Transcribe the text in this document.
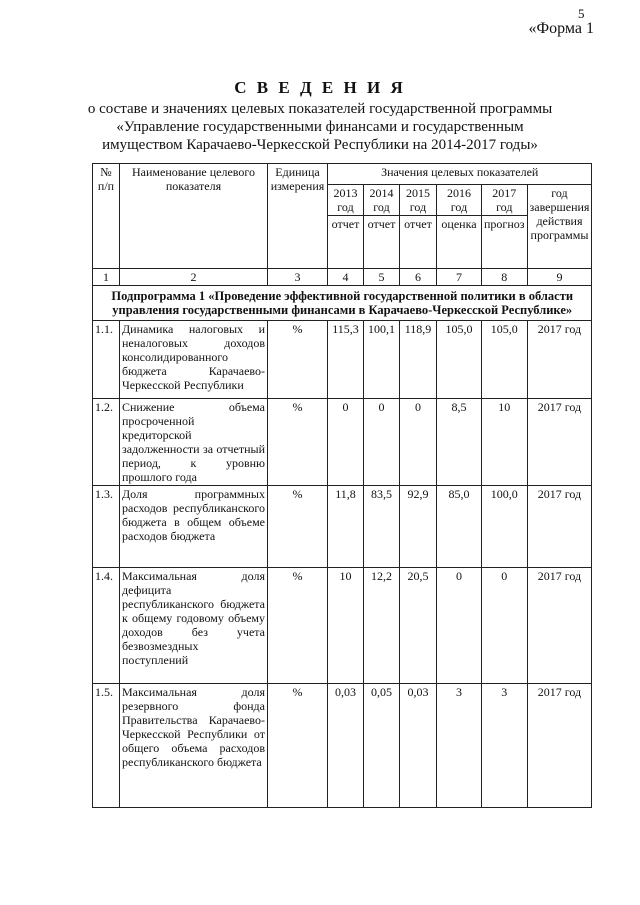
5
«Форма 1
С В Е Д Е Н И Я
о составе и значениях целевых показателей государственной программы
«Управление государственными финансами и государственным
имуществом Карачаево-Черкесской Республики на 2014-2017 годы»
№ п/п	Наименование целевого показателя	Единица измерения	Значения целевых показателей					
			2013 год	2014 год	2015 год	2016 год	2017 год	год завершения действия программы
			отчет	отчет	отчет	оценка	прогноз	
1	2	3	4	5	6	7	8	9
Подпрограмма 1 «Проведение эффективной государственной политики в области управления государственными финансами в Карачаево-Черкесской Республике»								
1.1.	Динамика налоговых и неналоговых доходов консолидированного бюджета Карачаево-Черкесской Республики	%	115,3	100,1	118,9	105,0	105,0	2017 год
1.2.	Снижение объема просроченной кредиторской задолженности за отчетный период, к уровню прошлого года	%	0	0	0	8,5	10	2017 год
1.3.	Доля программных расходов республиканского бюджета в общем объеме расходов бюджета	%	11,8	83,5	92,9	85,0	100,0	2017 год
1.4.	Максимальная доля дефицита республиканского бюджета к общему годовому объему доходов без учета безвозмездных поступлений	%	10	12,2	20,5	0	0	2017 год
1.5.	Максимальная доля резервного фонда Правительства Карачаево-Черкесской Республики от общего объема расходов республиканского бюджета	%	0,03	0,05	0,03	3	3	2017 год
